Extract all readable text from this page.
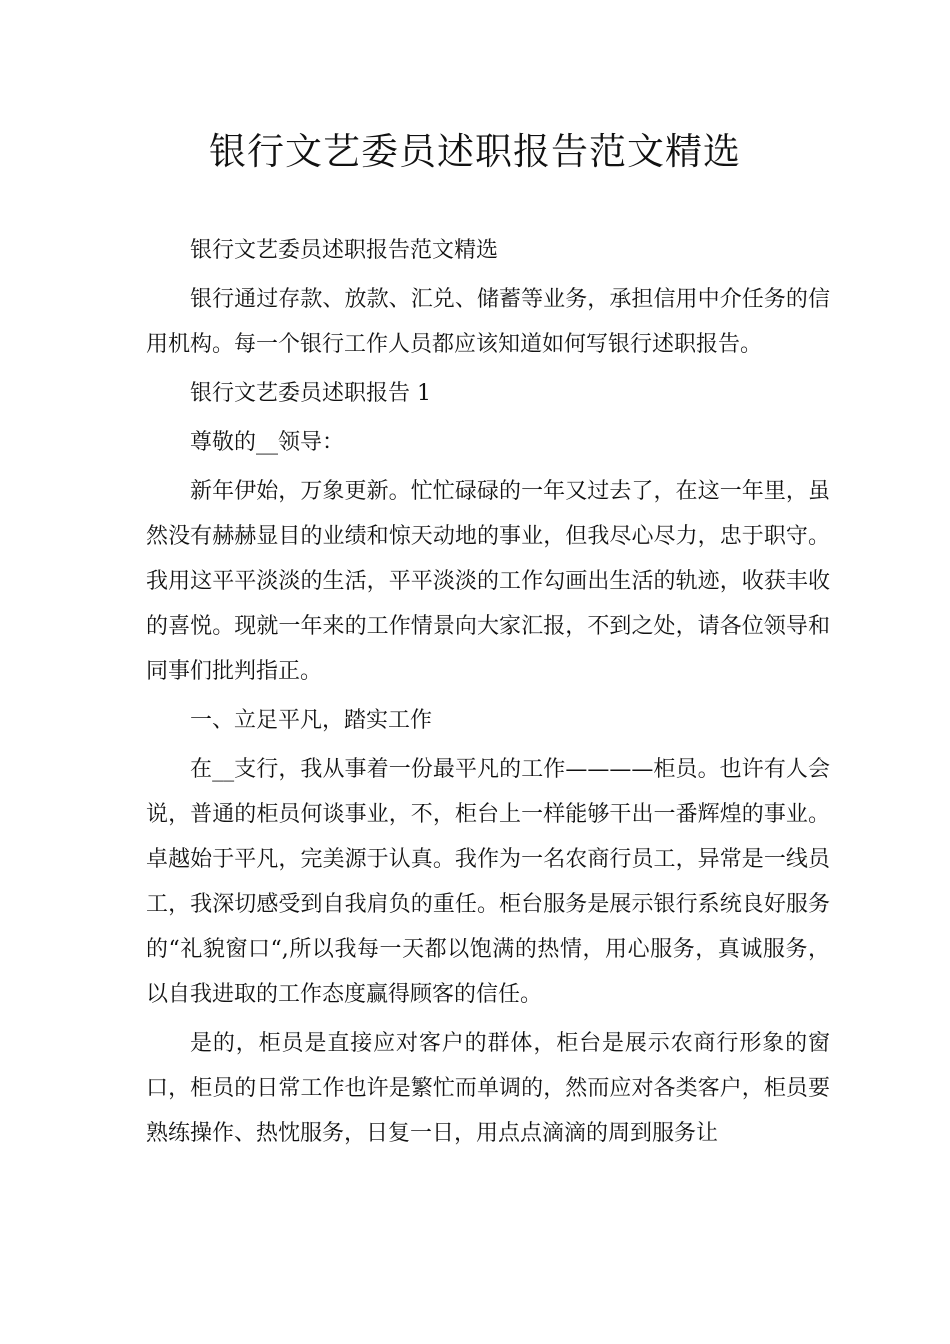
银行文艺委员述职报告范文精选

银行文艺委员述职报告范文精选

银行通过存款、放款、汇兑、储蓄等业务，承担信用中介任务的信用机构。每一个银行工作人员都应该知道如何写银行述职报告。

银行文艺委员述职报告 1

尊敬的__领导：

新年伊始，万象更新。忙忙碌碌的一年又过去了，在这一年里，虽然没有赫赫显目的业绩和惊天动地的事业，但我尽心尽力，忠于职守。我用这平平淡淡的生活，平平淡淡的工作勾画出生活的轨迹，收获丰收的喜悦。现就一年来的工作情景向大家汇报，不到之处，请各位领导和同事们批判指正。

一、立足平凡，踏实工作

在__支行，我从事着一份最平凡的工作————柜员。也许有人会说，普通的柜员何谈事业，不，柜台上一样能够干出一番辉煌的事业。卓越始于平凡，完美源于认真。我作为一名农商行员工，异常是一线员工，我深切感受到自我肩负的重任。柜台服务是展示银行系统良好服务的“礼貌窗口“,所以我每一天都以饱满的热情，用心服务，真诚服务，以自我进取的工作态度赢得顾客的信任。

是的，柜员是直接应对客户的群体，柜台是展示农商行形象的窗口，柜员的日常工作也许是繁忙而单调的，然而应对各类客户，柜员要熟练操作、热忱服务，日复一日，用点点滴滴的周到服务让
